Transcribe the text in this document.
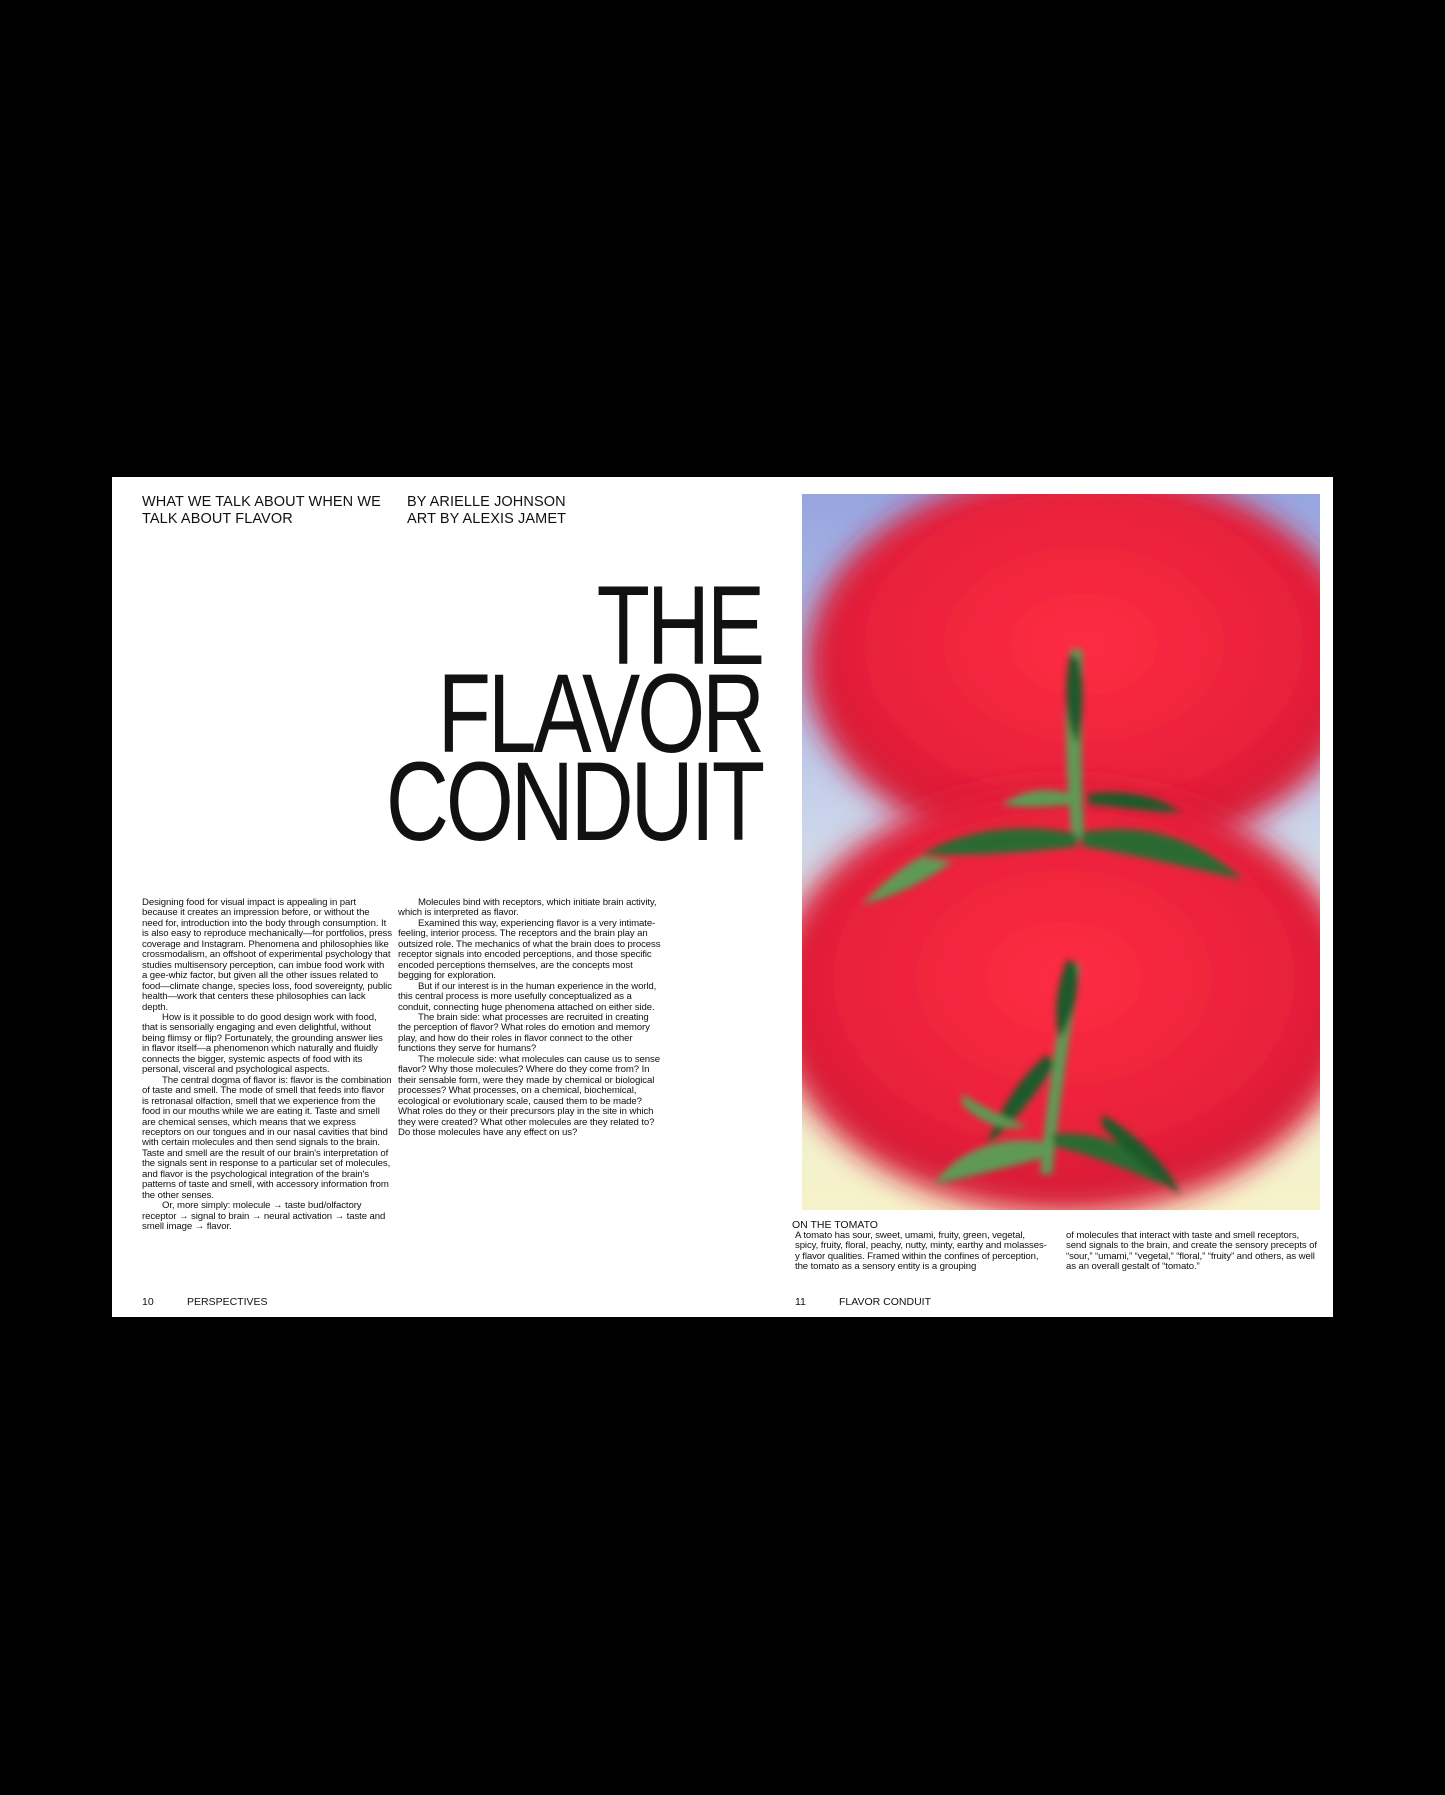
WHAT WE TALK ABOUT WHEN WE
TALK ABOUT FLAVOR
BY ARIELLE JOHNSON
ART BY ALEXIS JAMET
THE
FLAVOR
CONDUIT

Designing food for visual impact is appealing in part because it creates an impression before, or without the need for, introduction into the body through consumption. It is also easy to reproduce mechanically—for portfolios, press coverage and Instagram. Phenomena and philosophies like crossmodalism, an offshoot of experimental psychology that studies multisensory perception, can imbue food work with a gee-whiz factor, but given all the other issues related to food—climate change, species loss, food sovereignty, public health—work that centers these philosophies can lack depth.

How is it possible to do good design work with food, that is sensorially engaging and even delightful, without being flimsy or flip? Fortunately, the grounding answer lies in flavor itself—a phenomenon which naturally and fluidly connects the bigger, systemic aspects of food with its personal, visceral and psychological aspects.

The central dogma of flavor is: flavor is the combination of taste and smell. The mode of smell that feeds into flavor is retronasal olfaction, smell that we experience from the food in our mouths while we are eating it. Taste and smell are chemical senses, which means that we express receptors on our tongues and in our nasal cavities that bind with certain molecules and then send signals to the brain. Taste and smell are the result of our brain's interpretation of the signals sent in response to a particular set of molecules, and flavor is the psychological integration of the brain's patterns of taste and smell, with accessory information from the other senses.

Or, more simply: molecule → taste bud/olfactory receptor → signal to brain → neural activation → taste and smell image → flavor.

Molecules bind with receptors, which initiate brain activity, which is interpreted as flavor.

Examined this way, experiencing flavor is a very intimate-feeling, interior process. The receptors and the brain play an outsized role. The mechanics of what the brain does to process receptor signals into encoded perceptions, and those specific encoded perceptions themselves, are the concepts most begging for exploration.

But if our interest is in the human experience in the world, this central process is more usefully conceptualized as a conduit, connecting huge phenomena attached on either side.

The brain side: what processes are recruited in creating the perception of flavor? What roles do emotion and memory play, and how do their roles in flavor connect to the other functions they serve for humans?

The molecule side: what molecules can cause us to sense flavor? Why those molecules? Where do they come from? In their sensable form, were they made by chemical or biological processes? What processes, on a chemical, biochemical, ecological or evolutionary scale, caused them to be made? What roles do they or their precursors play in the site in which they were created? What other molecules are they related to? Do those molecules have any effect on us?

10	PERSPECTIVES
ON THE TOMATO
A tomato has sour, sweet, umami, fruity, green, vegetal, spicy, fruity, floral, peachy, nutty, minty, earthy and molasses-y flavor qualities. Framed within the confines of perception, the tomato as a sensory entity is a grouping
of molecules that interact with taste and smell receptors, send signals to the brain, and create the sensory precepts of “sour,” “umami,” “vegetal,” “floral,” “fruity” and others, as well as an overall gestalt of “tomato.”
11	FLAVOR CONDUIT
